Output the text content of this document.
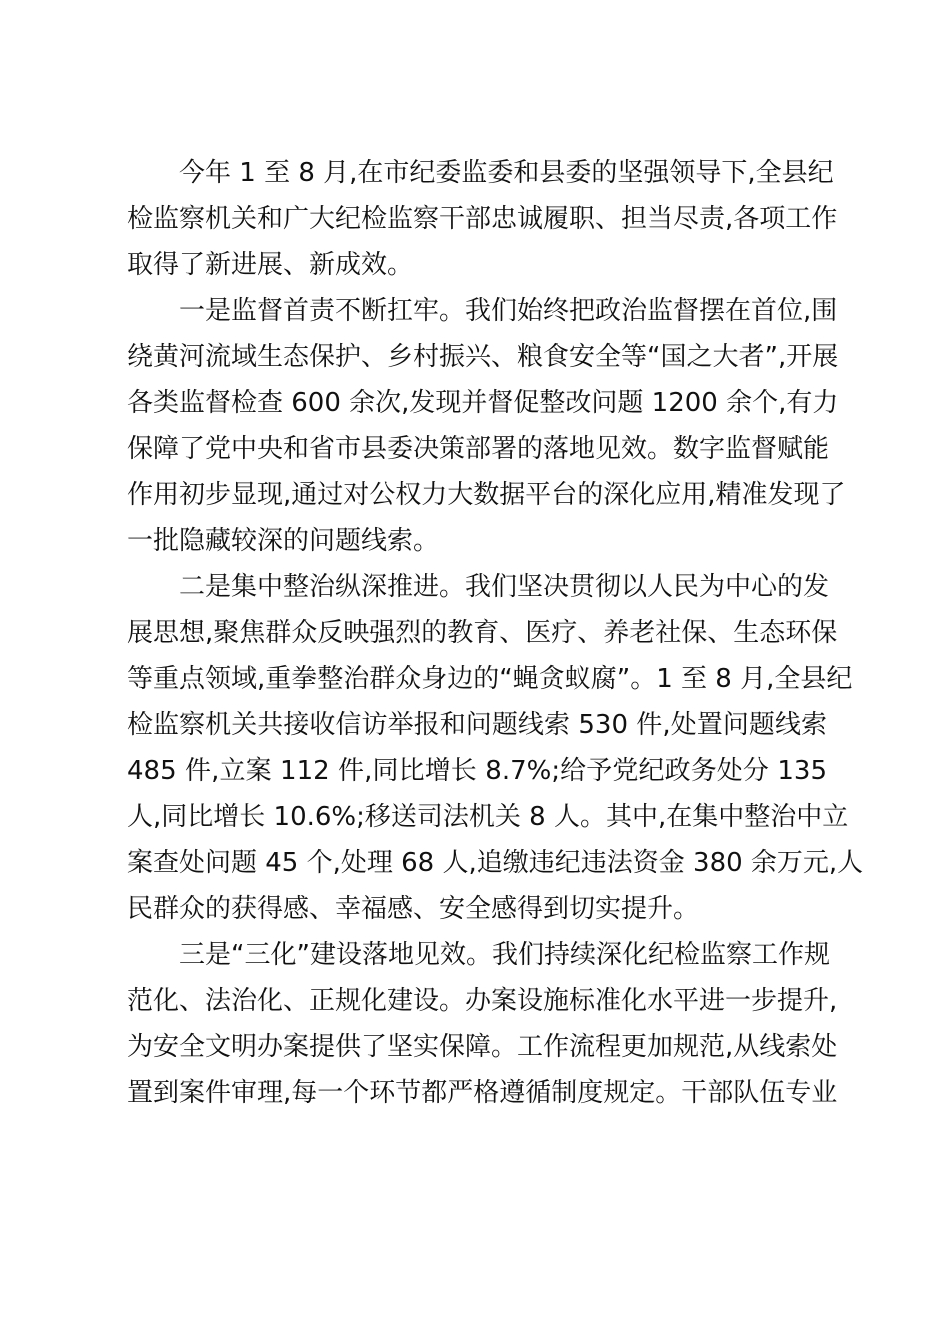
今年 1 至 8 月,在市纪委监委和县委的坚强领导下,全县纪
检监察机关和广大纪检监察干部忠诚履职、担当尽责,各项工作
取得了新进展、新成效。
一是监督首责不断扛牢。我们始终把政治监督摆在首位,围
绕黄河流域生态保护、乡村振兴、粮食安全等“国之大者”,开展
各类监督检查 600 余次,发现并督促整改问题 1200 余个,有力
保障了党中央和省市县委决策部署的落地见效。数字监督赋能
作用初步显现,通过对公权力大数据平台的深化应用,精准发现了
一批隐藏较深的问题线索。
二是集中整治纵深推进。我们坚决贯彻以人民为中心的发
展思想,聚焦群众反映强烈的教育、医疗、养老社保、生态环保
等重点领域,重拳整治群众身边的“蝇贪蚁腐”。1 至 8 月,全县纪
检监察机关共接收信访举报和问题线索 530 件,处置问题线索
485 件,立案 112 件,同比增长 8.7%;给予党纪政务处分 135
人,同比增长 10.6%;移送司法机关 8 人。其中,在集中整治中立
案查处问题 45 个,处理 68 人,追缴违纪违法资金 380 余万元,人
民群众的获得感、幸福感、安全感得到切实提升。
三是“三化”建设落地见效。我们持续深化纪检监察工作规
范化、法治化、正规化建设。办案设施标准化水平进一步提升,
为安全文明办案提供了坚实保障。工作流程更加规范,从线索处
置到案件审理,每一个环节都严格遵循制度规定。干部队伍专业
